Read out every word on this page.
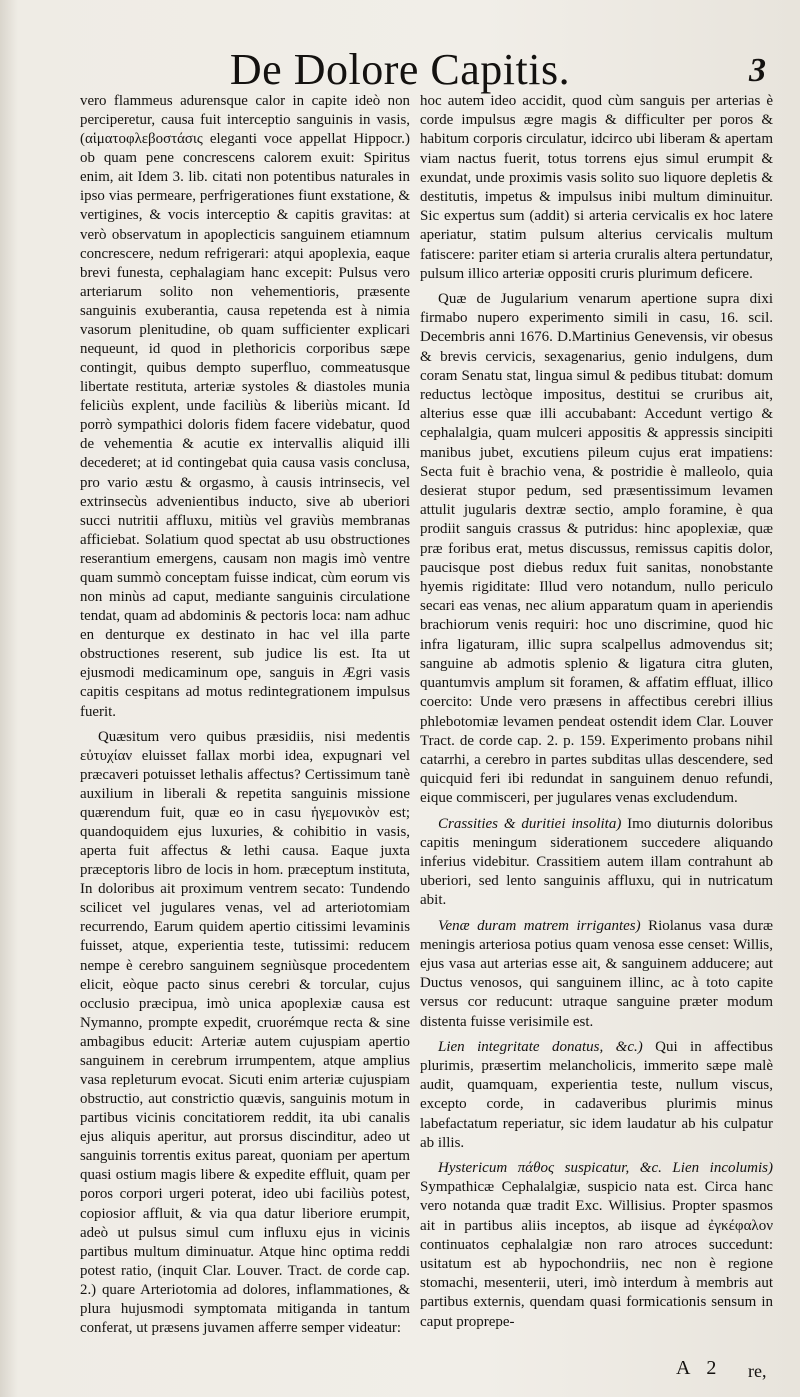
De Dolore Capitis.	3

vero flammeus adurensque calor in capite ideò non perciperetur, causa fuit interceptio sanguinis in vasis, (αἱματοφλεβοστάσις eleganti voce appellat Hippocr.) ob quam pene concrescens calorem exuit: Spiritus enim, ait Idem 3. lib. citati non potentibus naturales in ipso vias permeare, perfrigerationes fiunt exstatione, & vertigines, & vocis interceptio & capitis gravitas: at verò observatum in apoplecticis sanguinem etiamnum concrescere, nedum refrigerari: atqui apoplexia, eaque brevi funesta, cephalagiam hanc excepit: Pulsus vero arteriarum solito non vehementioris, præsente sanguinis exuberantia, causa repetenda est à nimia vasorum plenitudine, ob quam sufficienter explicari nequeunt, id quod in plethoricis corporibus sæpe contingit, quibus dempto superfluo, commeatusque libertate restituta, arteriæ systoles & diastoles munia feliciùs explent, unde faciliùs & liberiùs micant. Id porrò sympathici doloris fidem facere videbatur, quod de vehementia & acutie ex intervallis aliquid illi decederet; at id contingebat quia causa vasis conclusa, pro vario æstu & orgasmo, à causis intrinsecis, vel extrinsecùs advenientibus inducto, sive ab uberiori succi nutritii affluxu, mitiùs vel graviùs membranas afficiebat. Solatium quod spectat ab usu obstructiones reserantium emergens, causam non magis imò ventre quam summò conceptam fuisse indicat, cùm eorum vis non minùs ad caput, mediante sanguinis circulatione tendat, quam ad abdominis & pectoris loca: nam adhuc en denturque ex destinato in hac vel illa parte obstructiones reserent, sub judice lis est. Ita ut ejusmodi medicaminum ope, sanguis in Ægri vasis capitis cespitans ad motus redintegrationem impulsus fuerit.

Quæsitum vero quibus præsidiis, nisi medentis εὐτυχίαν eluisset fallax morbi idea, expugnari vel præcaveri potuisset lethalis affectus? Certissimum tanè auxilium in liberali & repetita sanguinis missione quærendum fuit, quæ eo in casu ἡγεμονικὸν est; quandoquidem ejus luxuries, & cohibitio in vasis, aperta fuit affectus & lethi causa. Eaque juxta præceptoris libro de locis in hom. præceptum instituta, In doloribus ait proximum ventrem secato: Tundendo scilicet vel jugulares venas, vel ad arteriotomiam recurrendo, Earum quidem apertio citissimi levaminis fuisset, atque, experientia teste, tutissimi: reducem nempe è cerebro sanguinem segniùsque procedentem elicit, eòque pacto sinus cerebri & torcular, cujus occlusio præcipua, imò unica apoplexiæ causa est Nymanno, prompte expedit, cruorémque recta & sine ambagibus educit: Arteriæ autem cujuspiam apertio sanguinem in cerebrum irrumpentem, atque amplius vasa repleturum evocat. Sicuti enim arteriæ cujuspiam obstructio, aut constrictio quævis, sanguinis motum in partibus vicinis concitatiorem reddit, ita ubi canalis ejus aliquis aperitur, aut prorsus discinditur, adeo ut sanguinis torrentis exitus pareat, quoniam per apertum quasi ostium magis libere & expedite effluit, quam per poros corpori urgeri poterat, ideo ubi faciliùs potest, copiosior affluit, & via qua datur liberiore erumpit, adeò ut pulsus simul cum influxu ejus in vicinis partibus multum diminuatur. Atque hinc optima reddi potest ratio, (inquit Clar. Louver. Tract. de corde cap. 2.) quare Arteriotomia ad dolores, inflammationes, & plura hujusmodi symptomata mitiganda in tantum conferat, ut præsens juvamen afferre semper videatur:

hoc autem ideo accidit, quod cùm sanguis per arterias è corde impulsus ægre magis & difficulter per poros & habitum corporis circulatur, idcirco ubi liberam & apertam viam nactus fuerit, totus torrens ejus simul erumpit & exundat, unde proximis vasis solito suo liquore depletis & destitutis, impetus & impulsus inibi multum diminuitur. Sic expertus sum (addit) si arteria cervicalis ex hoc latere aperiatur, statim pulsum alterius cervicalis multum fatiscere: pariter etiam si arteria cruralis altera pertundatur, pulsum illico arteriæ oppositi cruris plurimum deficere.

Quæ de Jugularium venarum apertione supra dixi firmabo nupero experimento simili in casu, 16. scil. Decembris anni 1676. D.Martinius Genevensis, vir obesus & brevis cervicis, sexagenarius, genio indulgens, dum coram Senatu stat, lingua simul & pedibus titubat: domum reductus lectòque impositus, destitui se cruribus ait, alterius esse quæ illi accubabant: Accedunt vertigo & cephalalgia, quam mulceri appositis & appressis sincipiti manibus jubet, excutiens pileum cujus erat impatiens: Secta fuit è brachio vena, & postridie è malleolo, quia desierat stupor pedum, sed præsentissimum levamen attulit jugularis dextræ sectio, amplo foramine, è qua prodiit sanguis crassus & putridus: hinc apoplexiæ, quæ præ foribus erat, metus discussus, remissus capitis dolor, paucisque post diebus redux fuit sanitas, nonobstante hyemis rigiditate: Illud vero notandum, nullo periculo secari eas venas, nec alium apparatum quam in aperiendis brachiorum venis requiri: hoc uno discrimine, quod hic infra ligaturam, illic supra scalpellus admovendus sit; sanguine ab admotis splenio & ligatura citra gluten, quantumvis amplum sit foramen, & affatim effluat, illico coercito: Unde vero præsens in affectibus cerebri illius phlebotomiæ levamen pendeat ostendit idem Clar. Louver Tract. de corde cap. 2. p. 159. Experimento probans nihil catarrhi, a cerebro in partes subditas ullas descendere, sed quicquid feri ibi redundat in sanguinem denuo refundi, eique commisceri, per jugulares venas excludendum.

Crassities & duritiei insolita) Imo diuturnis doloribus capitis meningum siderationem succedere aliquando inferius videbitur. Crassitiem autem illam contrahunt ab uberiori, sed lento sanguinis affluxu, qui in nutricatum abit.

Venæ duram matrem irrigantes) Riolanus vasa duræ meningis arteriosa potius quam venosa esse censet: Willis, ejus vasa aut arterias esse ait, & sanguinem adducere; aut Ductus venosos, qui sanguinem illinc, ac à toto capite versus cor reducunt: utraque sanguine præter modum distenta fuisse verisimile est.

Lien integritate donatus, &c.) Qui in affectibus plurimis, præsertim melancholicis, immerito sæpe malè audit, quamquam, experientia teste, nullum viscus, excepto corde, in cadaveribus plurimis minus labefactatum reperiatur, sic idem laudatur ab his culpatur ab illis.

Hystericum πάθος suspicatur, &c. Lien incolumis) Sympathicæ Cephalalgiæ, suspicio nata est. Circa hanc vero notanda quæ tradit Exc. Willisius. Propter spasmos ait in partibus aliis inceptos, ab iisque ad ἐγκέφαλον continuatos cephalalgiæ non raro atroces succedunt: usitatum est ab hypochondriis, nec non è regione stomachi, mesenterii, uteri, imò interdum à membris aut partibus externis, quendam quasi formicationis sensum in caput proprepe-

A 2 re,
